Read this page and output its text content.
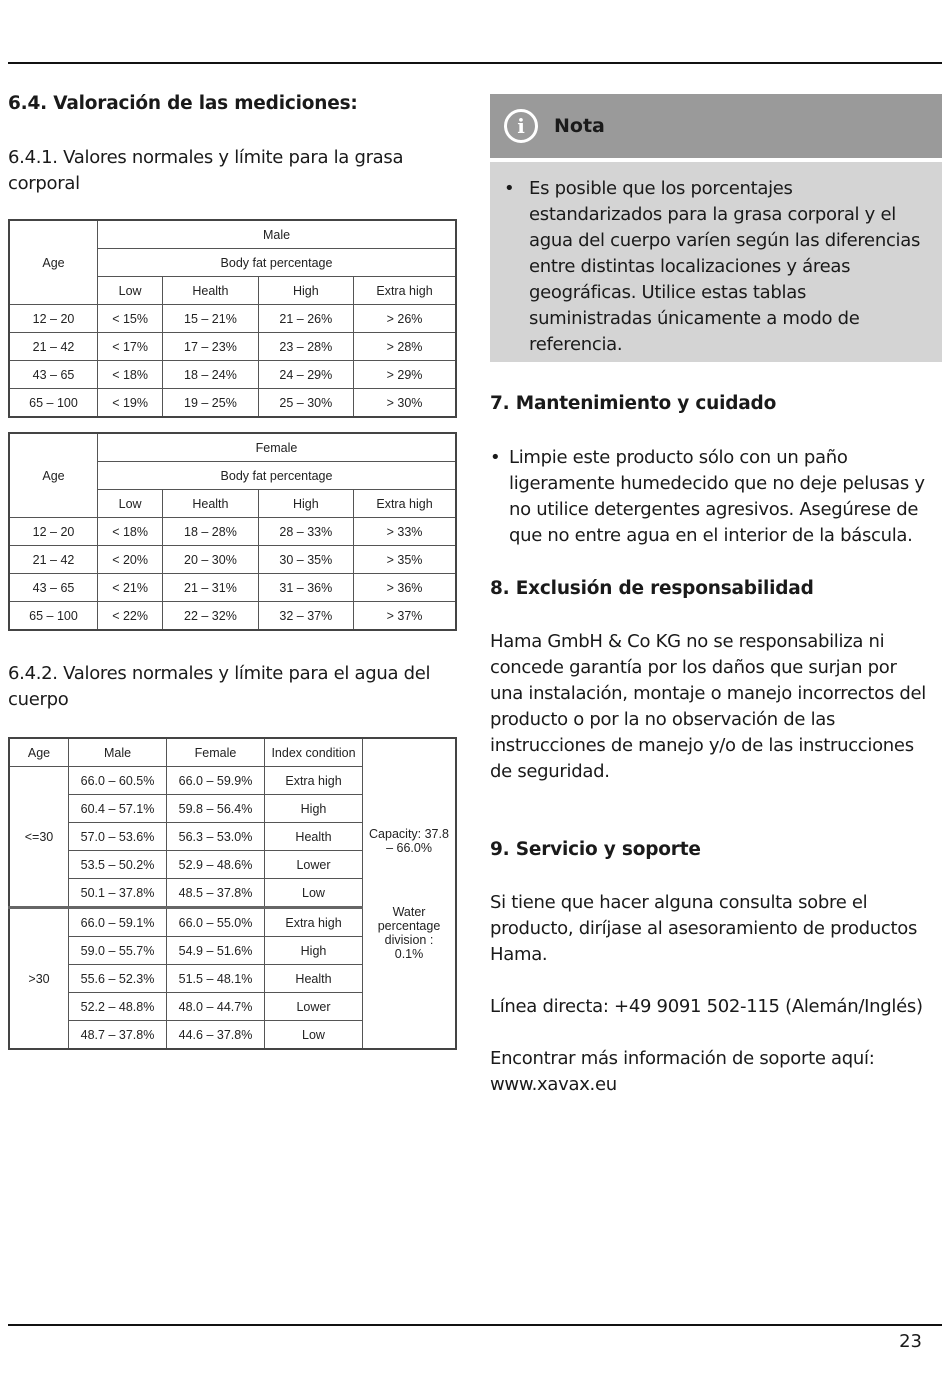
6.4. Valoración de las mediciones:

6.4.1. Valores normales y límite para la grasa corporal

Age	Male			
	Body fat percentage			
	Low	Health	High	Extra high
12 – 20	< 15%	15 – 21%	21 – 26%	> 26%
21 – 42	< 17%	17 – 23%	23 – 28%	> 28%
43 – 65	< 18%	18 – 24%	24 – 29%	> 29%
65 – 100	< 19%	19 – 25%	25 – 30%	> 30%
Age	Female			
	Body fat percentage			
	Low	Health	High	Extra high
12 – 20	< 18%	18 – 28%	28 – 33%	> 33%
21 – 42	< 20%	20 – 30%	30 – 35%	> 35%
43 – 65	< 21%	21 – 31%	31 – 36%	> 36%
65 – 100	< 22%	22 – 32%	32 – 37%	> 37%

6.4.2. Valores normales y límite para el agua del cuerpo

Age	Male	Female	Index condition	Capacity: 37.8 – 66.0%
Water percentage division : 0.1%

<=30	66.0 – 60.5%	66.0 – 59.9%	Extra high	
	60.4 – 57.1%	59.8 – 56.4%	High	
	57.0 – 53.6%	56.3 – 53.0%	Health	
	53.5 – 50.2%	52.9 – 48.6%	Lower	
	50.1 – 37.8%	48.5 – 37.8%	Low	
>30	66.0 – 59.1%	66.0 – 55.0%	Extra high	
	59.0 – 55.7%	54.9 – 51.6%	High	
	55.6 – 52.3%	51.5 – 48.1%	Health	
	52.2 – 48.8%	48.0 – 44.7%	Lower	
	48.7 – 37.8%	44.6 – 37.8%	Low	
i	Nota
• Es posible que los porcentajes estandarizados para la grasa corporal y el agua del cuerpo varíen según las diferencias entre distintas localizaciones y áreas geográficas. Utilice estas tablas suministradas únicamente a modo de referencia.
7. Mantenimiento y cuidado
• Limpie este producto sólo con un paño ligeramente humedecido que no deje pelusas y no utilice detergentes agresivos. Asegúrese de que no entre agua en el interior de la báscula.
8. Exclusión de responsabilidad

Hama GmbH & Co KG no se responsabiliza ni concede garantía por los daños que surjan por una instalación, montaje o manejo incorrectos del producto o por la no observación de las instrucciones de manejo y/o de las instrucciones de seguridad.

9. Servicio y soporte

Si tiene que hacer alguna consulta sobre el producto, diríjase al asesoramiento de productos Hama.

Línea directa: +49 9091 502-115 (Alemán/Inglés)

Encontrar más información de soporte aquí:

www.xavax.eu

23
